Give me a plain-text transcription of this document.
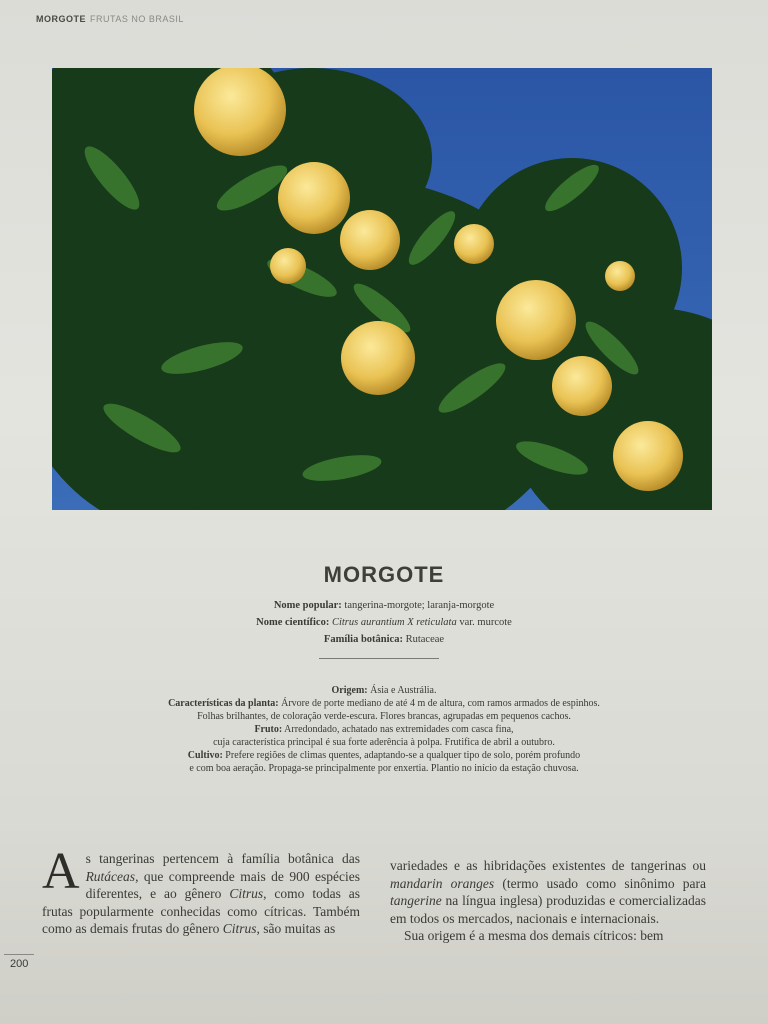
MORGOTE FRUTAS NO BRASIL
MORGOTE
Nome popular: tangerina-morgote; laranja-morgote
Nome científico: Citrus aurantium X reticulata var. murcote
Família botânica: Rutaceae

Origem: Ásia e Austrália.

Características da planta: Árvore de porte mediano de até 4 m de altura, com ramos armados de espinhos.

Folhas brilhantes, de coloração verde-escura. Flores brancas, agrupadas em pequenos cachos.

Fruto: Arredondado, achatado nas extremidades com casca fina,

cuja característica principal é sua forte aderência à polpa. Frutifica de abril a outubro.

Cultivo: Prefere regiões de climas quentes, adaptando-se a qualquer tipo de solo, porém profundo

e com boa aeração. Propaga-se principalmente por enxertia. Plantio no início da estação chuvosa.

As tangerinas pertencem à família botânica das Rutáceas, que compreende mais de 900 espécies diferentes, e ao gênero Citrus, como todas as frutas popularmente conhecidas como cítricas. Também como as demais frutas do gênero Citrus, são muitas as

variedades e as hibridações existentes de tangerinas ou mandarin oranges (termo usado como sinônimo para tangerine na língua inglesa) produzidas e comercializadas em todos os mercados, nacionais e internacionais.

Sua origem é a mesma dos demais cítricos: bem

200
